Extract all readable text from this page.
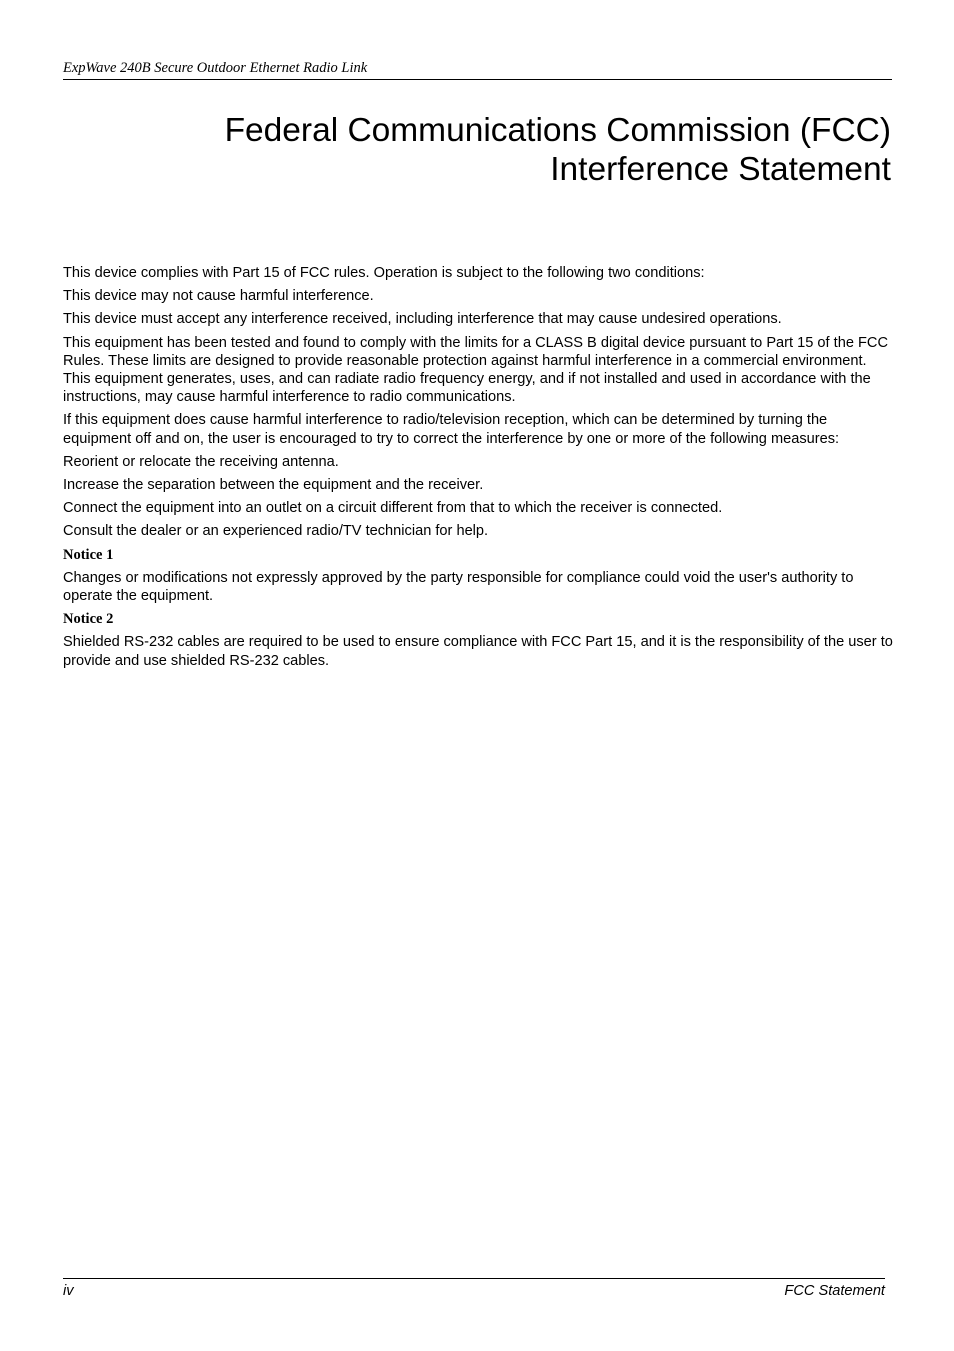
ExpWave 240B Secure Outdoor Ethernet Radio Link
Federal Communications Commission (FCC)
Interference Statement

This device complies with Part 15 of FCC rules. Operation is subject to the following two conditions:

This device may not cause harmful interference.

This device must accept any interference received, including interference that may cause undesired operations.

This equipment has been tested and found to comply with the limits for a CLASS B digital device pursuant to Part 15 of the FCC Rules. These limits are designed to provide reasonable protection against harmful interference in a commercial environment. This equipment generates, uses, and can radiate radio frequency energy, and if not installed and used in accordance with the instructions, may cause harmful interference to radio communications.

If this equipment does cause harmful interference to radio/television reception, which can be determined by turning the equipment off and on, the user is encouraged to try to correct the interference by one or more of the following measures:

Reorient or relocate the receiving antenna.

Increase the separation between the equipment and the receiver.

Connect the equipment into an outlet on a circuit different from that to which the receiver is connected.

Consult the dealer or an experienced radio/TV technician for help.

Notice 1

Changes or modifications not expressly approved by the party responsible for compliance could void the user's authority to operate the equipment.

Notice 2

Shielded RS-232 cables are required to be used to ensure compliance with FCC Part 15, and it is the responsibility of the user to provide and use shielded RS-232 cables.

iv	FCC Statement
